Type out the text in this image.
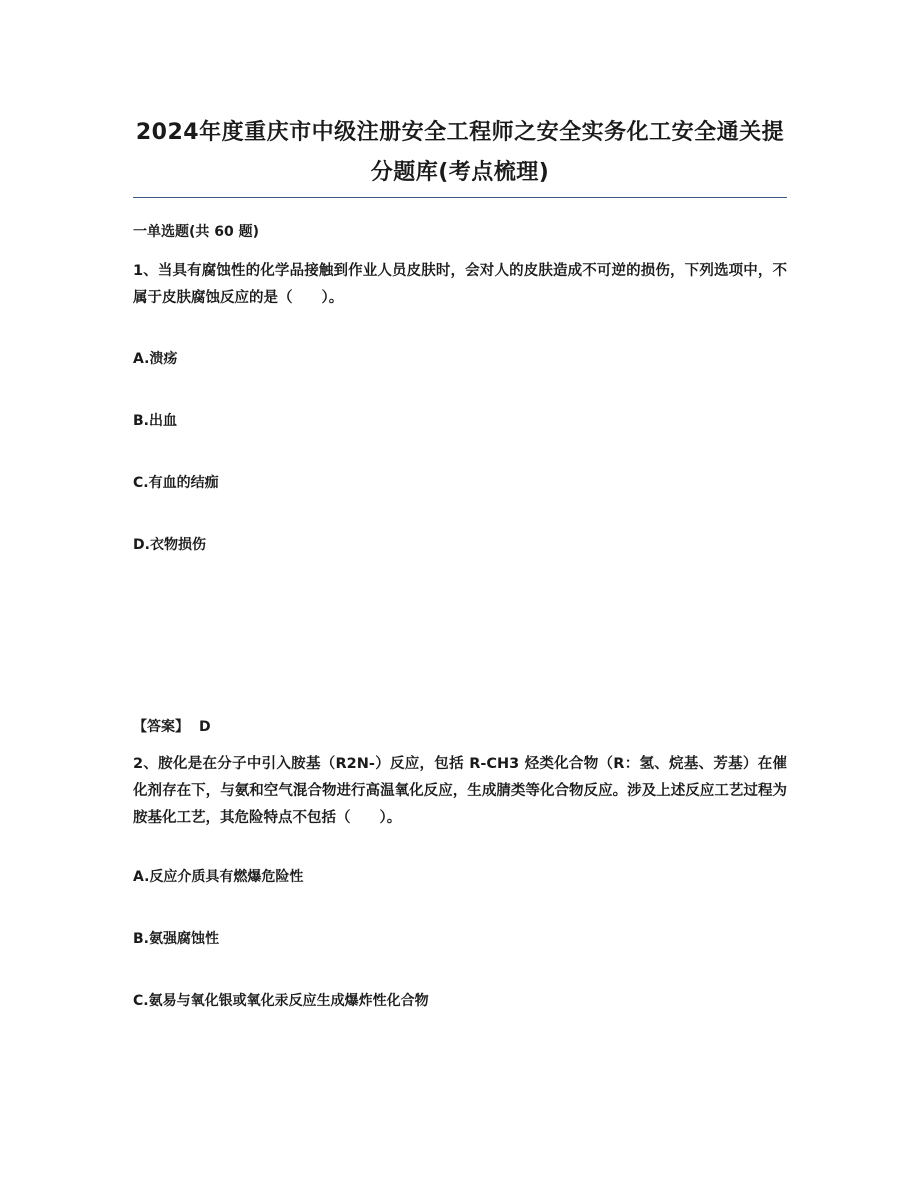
2024年度重庆市中级注册安全工程师之安全实务化工安全通关提分题库(考点梳理)
一单选题(共 60 题)

1、当具有腐蚀性的化学品接触到作业人员皮肤时，会对人的皮肤造成不可逆的损伤，下列选项中，不属于皮肤腐蚀反应的是（　　）。

A.溃疡
B.出血
C.有血的结痂
D.衣物损伤
【答案】 D

2、胺化是在分子中引入胺基（R2N-）反应，包括 R-CH3 烃类化合物（R：氢、烷基、芳基）在催化剂存在下，与氨和空气混合物进行高温氧化反应，生成腈类等化合物反应。涉及上述反应工艺过程为胺基化工艺，其危险特点不包括（　　）。

A.反应介质具有燃爆危险性
B.氨强腐蚀性
C.氨易与氧化银或氧化汞反应生成爆炸性化合物
